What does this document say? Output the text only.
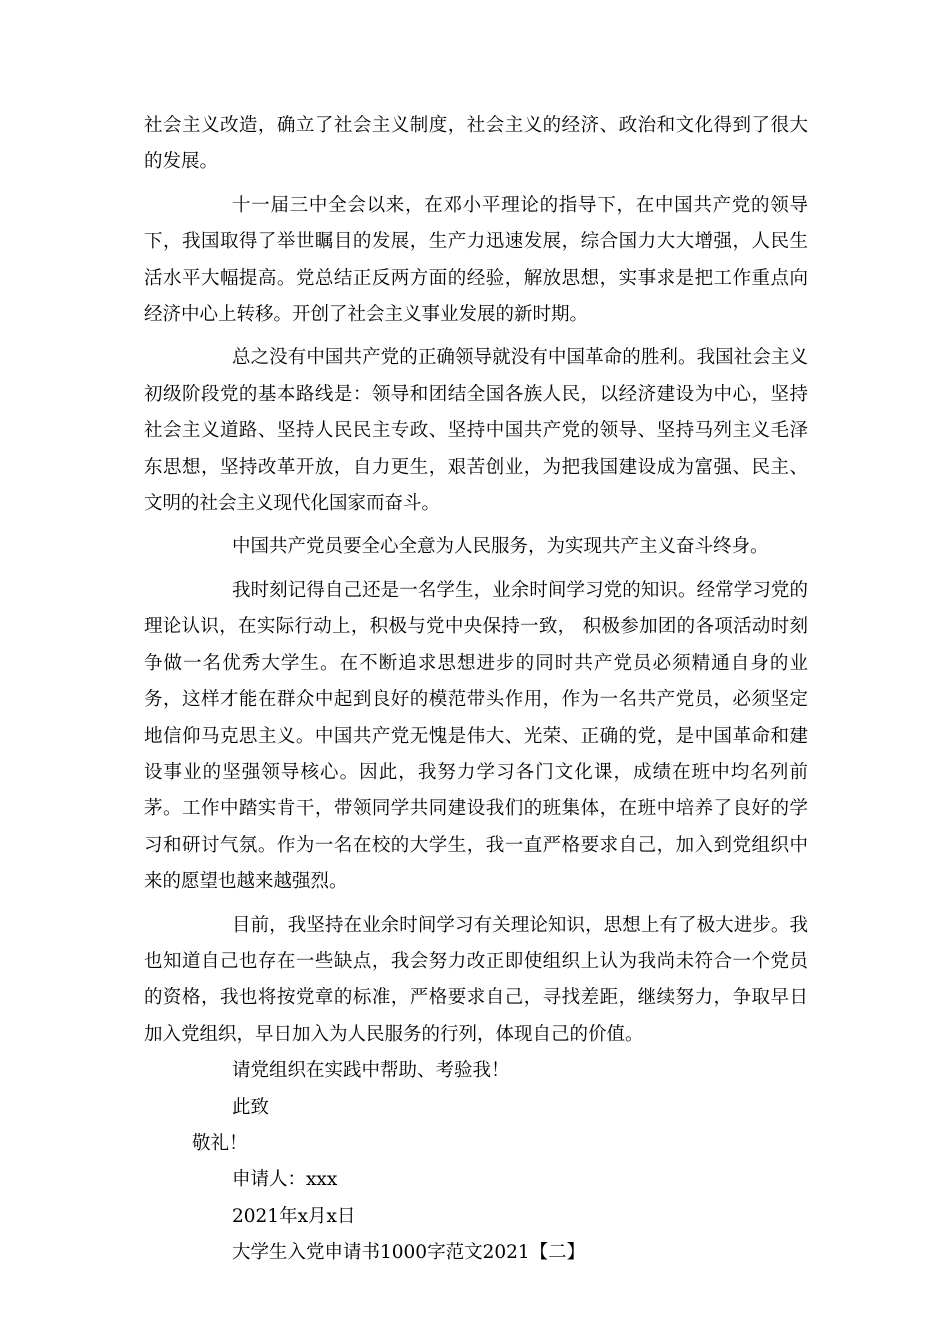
社会主义改造，确立了社会主义制度，社会主义的经济、政治和文化得到了很大的发展。

十一届三中全会以来，在邓小平理论的指导下，在中国共产党的领导下，我国取得了举世瞩目的发展，生产力迅速发展，综合国力大大增强，人民生活水平大幅提高。党总结正反两方面的经验，解放思想，实事求是把工作重点向经济中心上转移。开创了社会主义事业发展的新时期。

总之没有中国共产党的正确领导就没有中国革命的胜利。我国社会主义初级阶段党的基本路线是：领导和团结全国各族人民，以经济建设为中心，坚持社会主义道路、坚持人民民主专政、坚持中国共产党的领导、坚持马列主义毛泽东思想，坚持改革开放，自力更生，艰苦创业，为把我国建设成为富强、民主、文明的社会主义现代化国家而奋斗。

中国共产党员要全心全意为人民服务，为实现共产主义奋斗终身。

我时刻记得自己还是一名学生，业余时间学习党的知识。经常学习党的理论认识，在实际行动上，积极与党中央保持一致， 积极参加团的各项活动时刻争做一名优秀大学生。在不断追求思想进步的同时共产党员必须精通自身的业务，这样才能在群众中起到良好的模范带头作用，作为一名共产党员，必须坚定地信仰马克思主义。中国共产党无愧是伟大、光荣、正确的党，是中国革命和建设事业的坚强领导核心。因此，我努力学习各门文化课，成绩在班中均名列前茅。工作中踏实肯干，带领同学共同建设我们的班集体，在班中培养了良好的学习和研讨气氛。作为一名在校的大学生，我一直严格要求自己，加入到党组织中来的愿望也越来越强烈。

目前，我坚持在业余时间学习有关理论知识，思想上有了极大进步。我也知道自己也存在一些缺点，我会努力改正即使组织上认为我尚未符合一个党员的资格，我也将按党章的标准，严格要求自己，寻找差距，继续努力，争取早日加入党组织，早日加入为人民服务的行列，体现自己的价值。

请党组织在实践中帮助、考验我！

此致

敬礼！

申请人：xxx

2021年x月x日

大学生入党申请书1000字范文2021【二】
